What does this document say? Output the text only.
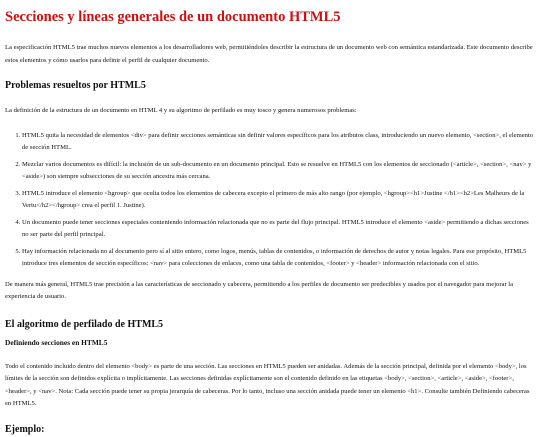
Secciones y líneas generales de un documento HTML5

La especificación HTML5 trae muchos nuevos elementos a los desarrolladores web, permitiéndoles describir la estructura de un documento web con semántica estandarizada. Este documento describe estos elementos y cómo usarlos para definir el perfil de cualquier documento.

Problemas resueltos por HTML5

La definición de la estructura de un documento en HTML 4 y su algoritmo de perfilado es muy tosco y genera numerosos problemas:

1. HTML5 quita la necesidad de elementos <div> para definir secciones semánticas sin definir valores específicos para los atributos class, introduciendo un nuevo elemento, <section>, el elemento de sección HTML.
2. Mezclar varios documentos es difícil: la inclusión de un sub-documento en un documento principal. Esto se resuelve en HTML5 con los elementos de seccionado (<article>, <section>, <nav> y <aside>) son siempre subsecciones de su sección ancestra más cercana.
3. HTML5 introduce el elemento <hgroup> que oculta todos los elementos de cabecera excepto el primero de más alto rango (por ejemplo, <hgroup><h1>Justine </h1><h2>Les Malheurs de la Vertu</h2></hgroup> crea el perfil 1. Justine).
4. Un documento puede tener secciones especiales conteniendo información relacionada que no es parte del flujo principal. HTML5 introduce el elemento <aside> permitiendo a dichas secciones no ser parte del perfil principal.
5. Hay información relacionada no al documento pero sí al sitio entero, como logos, menús, tablas de contenidos, o información de derechos de autor y notas legales. Para ese propósito, HTML5 introduce tres elementos de sección específicos: <nav> para colecciones de enlaces, como una tabla de contenidos, <footer> y <header> información relacionada con el sitio.

De manera más general, HTML5 trae precisión a las características de seccionado y cabecera, permitiendo a los perfiles de documento ser predecibles y usados por el navegador para mejorar la experiencia de usuario.

El algoritmo de perfilado de HTML5
Definiendo secciones en HTML5

Todo el contenido incluido dentro del elemento <body> es parte de una sección. Las secciones en HTML5 pueden ser anidadas. Además de la sección principal, definida por el elemento <body>, los límites de la sección son definidos explícita o implícitamente. Las secciones definidas explícitamente son el contenido definido en las etiquetas <body>, <section>, <article>, <aside>, <footer>, <header>, y <nav>. Nota: Cada sección puede tener su propia jerarquía de cabeceras. Por lo tanto, incluso una sección anidada puede tener un elemento <h1>. Consulte también Definiendo cabeceras en HTML5.

Ejemplo:
